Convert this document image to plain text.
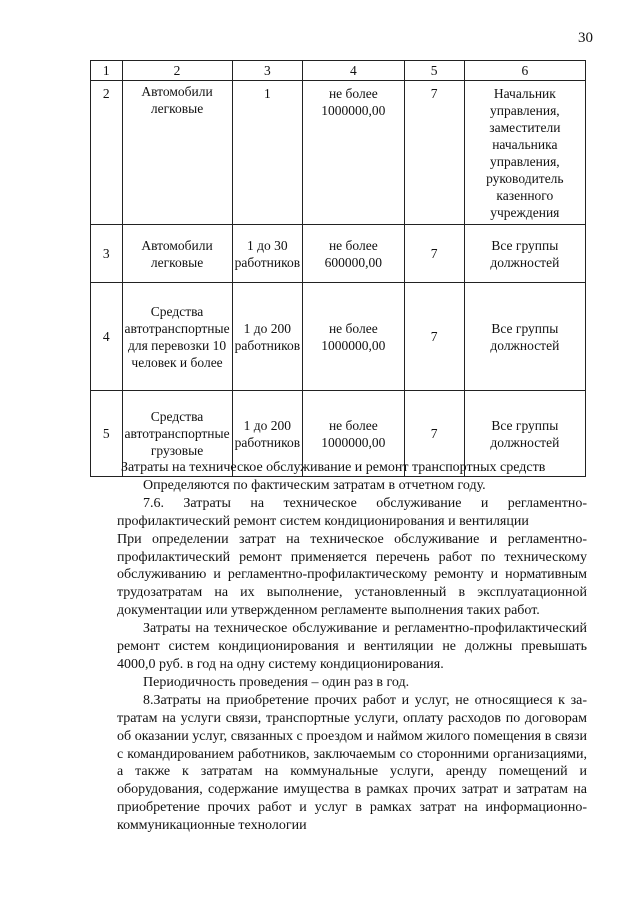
30
1	2	3	4	5	6
2	Автомобили легковые	1	не более 1000000,00	7	Начальник управления, заместители начальника управления, руководитель казенного учреждения
3	Автомобили легковые	1 до 30 работников	не более 600000,00	7	Все группы должностей
4	Средства автотранспортные для перевозки 10 человек и более	1 до 200 работников	не более 1000000,00	7	Все группы должностей
5	Средства автотранспортные грузовые	1 до 200 работников	не более 1000000,00	7	Все группы должностей

Затраты на техническое обслуживание и ремонт транспортных средств

Определяются по фактическим затратам в отчетном году.

7.6. Затраты на техническое обслуживание и регламентно-профилактический ремонт систем кондиционирования и вентиляции

При определении затрат на техническое обслуживание и регламентно-профилактический ремонт применяется перечень работ по техническому обслуживанию и регламентно-профилактическому ремонту и нормативным трудозатратам на их выполнение, установленный в эксплуатационной документации или утвержденном регламенте выполнения таких работ.

Затраты на техническое обслуживание и регламентно-профилактический ремонт систем кондиционирования и вентиляции не должны превышать 4000,0 руб. в год на одну систему кондиционирования.

Периодичность проведения – один раз в год.

8.Затраты на приобретение прочих работ и услуг, не относящиеся к за-тратам на услуги связи, транспортные услуги, оплату расходов по договорам об оказании услуг, связанных с проездом и наймом жилого помещения в связи с командированием работников, заключаемым со сторонними организациями, а также к затратам на коммунальные услуги, аренду помещений и оборудования, содержание имущества в рамках прочих затрат и затратам на приобретение прочих работ и услуг в рамках затрат на информационно-коммуникационные технологии
